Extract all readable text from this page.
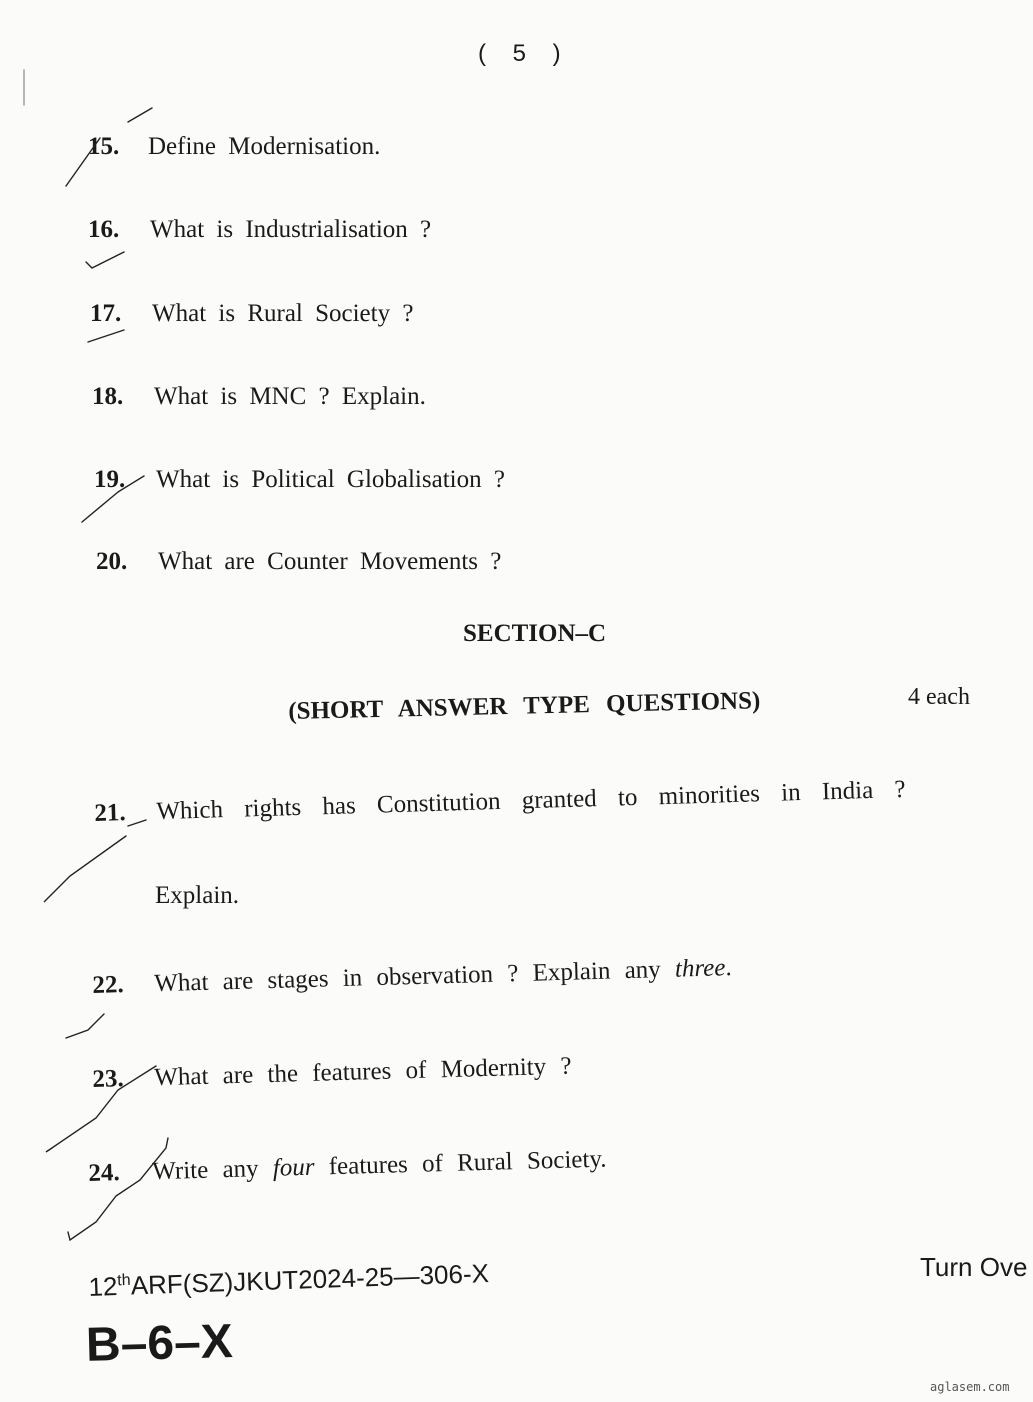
( 5 )
15. Define Modernisation.
16. What is Industrialisation ?
17. What is Rural Society ?
18. What is MNC ? Explain.
19. What is Political Globalisation ?
20. What are Counter Movements ?
SECTION–C
(SHORT ANSWER TYPE QUESTIONS)	4 each
21. Which rights has Constitution granted to minorities in India ?
Explain.
22. What are stages in observation ? Explain any three.
23. What are the features of Modernity ?
24. Write any four features of Rural Society.
12thARF(SZ)JKUT2024-25—306-X
B–6–X
Turn Ove
aglasem.com
